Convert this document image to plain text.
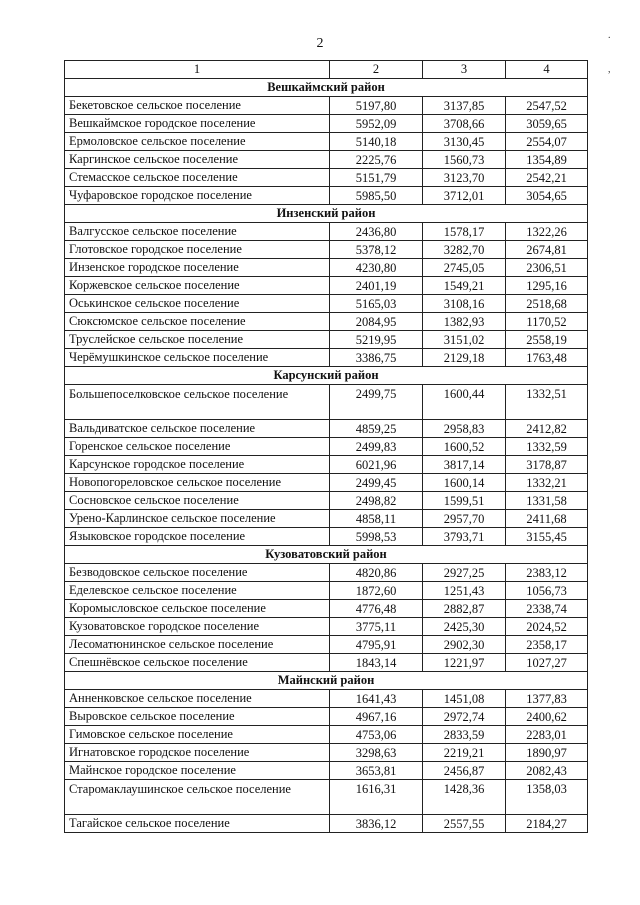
2
.
,
1	2	3	4
Вешкаймский район			
Бекетовское сельское поселение	5197,80	3137,85	2547,52
Вешкаймское городское поселение	5952,09	3708,66	3059,65
Ермоловское сельское поселение	5140,18	3130,45	2554,07
Каргинское сельское поселение	2225,76	1560,73	1354,89
Стемасское сельское поселение	5151,79	3123,70	2542,21
Чуфаровское городское поселение	5985,50	3712,01	3054,65
Инзенский район			
Валгусское сельское поселение	2436,80	1578,17	1322,26
Глотовское городское поселение	5378,12	3282,70	2674,81
Инзенское городское поселение	4230,80	2745,05	2306,51
Коржевское сельское поселение	2401,19	1549,21	1295,16
Оськинское сельское поселение	5165,03	3108,16	2518,68
Сюксюмское сельское поселение	2084,95	1382,93	1170,52
Труслейское сельское поселение	5219,95	3151,02	2558,19
Черёмушкинское сельское поселение	3386,75	2129,18	1763,48
Карсунский район			
Большепоселковское сельское поселение	2499,75	1600,44	1332,51
Вальдиватское сельское поселение	4859,25	2958,83	2412,82
Горенское сельское поселение	2499,83	1600,52	1332,59
Карсунское городское поселение	6021,96	3817,14	3178,87
Новопогореловское сельское поселение	2499,45	1600,14	1332,21
Сосновское сельское поселение	2498,82	1599,51	1331,58
Урено-Карлинское сельское поселение	4858,11	2957,70	2411,68
Языковское городское поселение	5998,53	3793,71	3155,45
Кузоватовский район			
Безводовское сельское поселение	4820,86	2927,25	2383,12
Еделевское сельское поселение	1872,60	1251,43	1056,73
Коромысловское сельское поселение	4776,48	2882,87	2338,74
Кузоватовское городское поселение	3775,11	2425,30	2024,52
Лесоматюнинское сельское поселение	4795,91	2902,30	2358,17
Спешнёвское сельское поселение	1843,14	1221,97	1027,27
Майнский район			
Анненковское сельское поселение	1641,43	1451,08	1377,83
Выровское сельское поселение	4967,16	2972,74	2400,62
Гимовское сельское поселение	4753,06	2833,59	2283,01
Игнатовское городское поселение	3298,63	2219,21	1890,97
Майнское городское поселение	3653,81	2456,87	2082,43
Старомаклаушинское сельское поселение	1616,31	1428,36	1358,03
Тагайское сельское поселение	3836,12	2557,55	2184,27
